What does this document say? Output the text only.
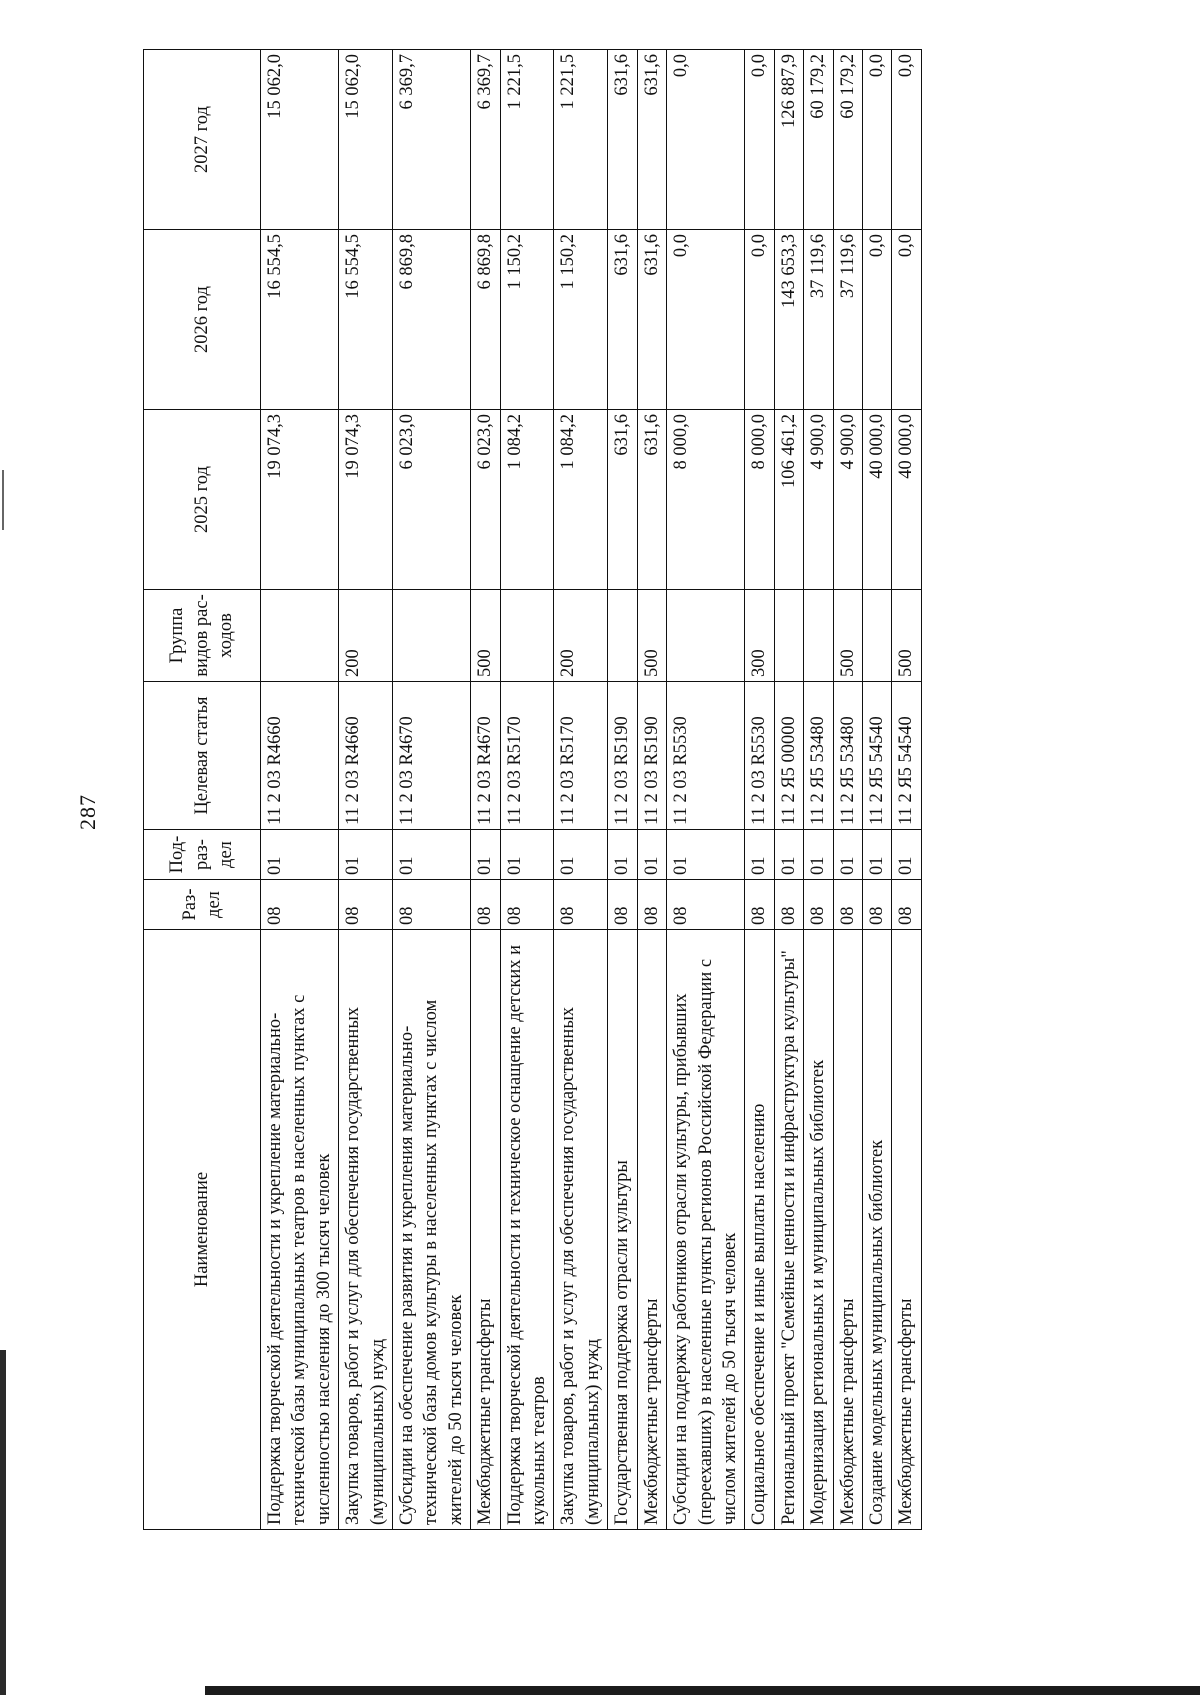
287
Наименование	Раз-дел	Под-раз-дел	Целевая статья	Группа видов рас-ходов	2025 год	2026 год	2027 год
Поддержка творческой деятельности и укрепление материально-технической базы муниципальных театров в населенных пунктах с численностью населения до 300 тысяч человек	08	01	11 2 03 R4660		19 074,3	16 554,5	15 062,0
Закупка товаров, работ и услуг для обеспечения государственных (муниципальных) нужд	08	01	11 2 03 R4660	200	19 074,3	16 554,5	15 062,0
Субсидии на обеспечение развития и укрепления материально-технической базы домов культуры в населенных пунктах с числом жителей до 50 тысяч человек	08	01	11 2 03 R4670		6 023,0	6 869,8	6 369,7
Межбюджетные трансферты	08	01	11 2 03 R4670	500	6 023,0	6 869,8	6 369,7
Поддержка творческой деятельности и техническое оснащение детских и кукольных театров	08	01	11 2 03 R5170		1 084,2	1 150,2	1 221,5
Закупка товаров, работ и услуг для обеспечения государственных (муниципальных) нужд	08	01	11 2 03 R5170	200	1 084,2	1 150,2	1 221,5
Государственная поддержка отрасли культуры	08	01	11 2 03 R5190		631,6	631,6	631,6
Межбюджетные трансферты	08	01	11 2 03 R5190	500	631,6	631,6	631,6
Субсидии на поддержку работников отрасли культуры, прибывших (переехавших) в населенные пункты регионов Российской Федерации с числом жителей до 50 тысяч человек	08	01	11 2 03 R5530		8 000,0	0,0	0,0
Социальное обеспечение и иные выплаты населению	08	01	11 2 03 R5530	300	8 000,0	0,0	0,0
Региональный проект "Семейные ценности и инфраструктура культуры"	08	01	11 2 Я5 00000		106 461,2	143 653,3	126 887,9
Модернизация региональных и муниципальных библиотек	08	01	11 2 Я5 53480		4 900,0	37 119,6	60 179,2
Межбюджетные трансферты	08	01	11 2 Я5 53480	500	4 900,0	37 119,6	60 179,2
Создание модельных муниципальных библиотек	08	01	11 2 Я5 54540		40 000,0	0,0	0,0
Межбюджетные трансферты	08	01	11 2 Я5 54540	500	40 000,0	0,0	0,0
